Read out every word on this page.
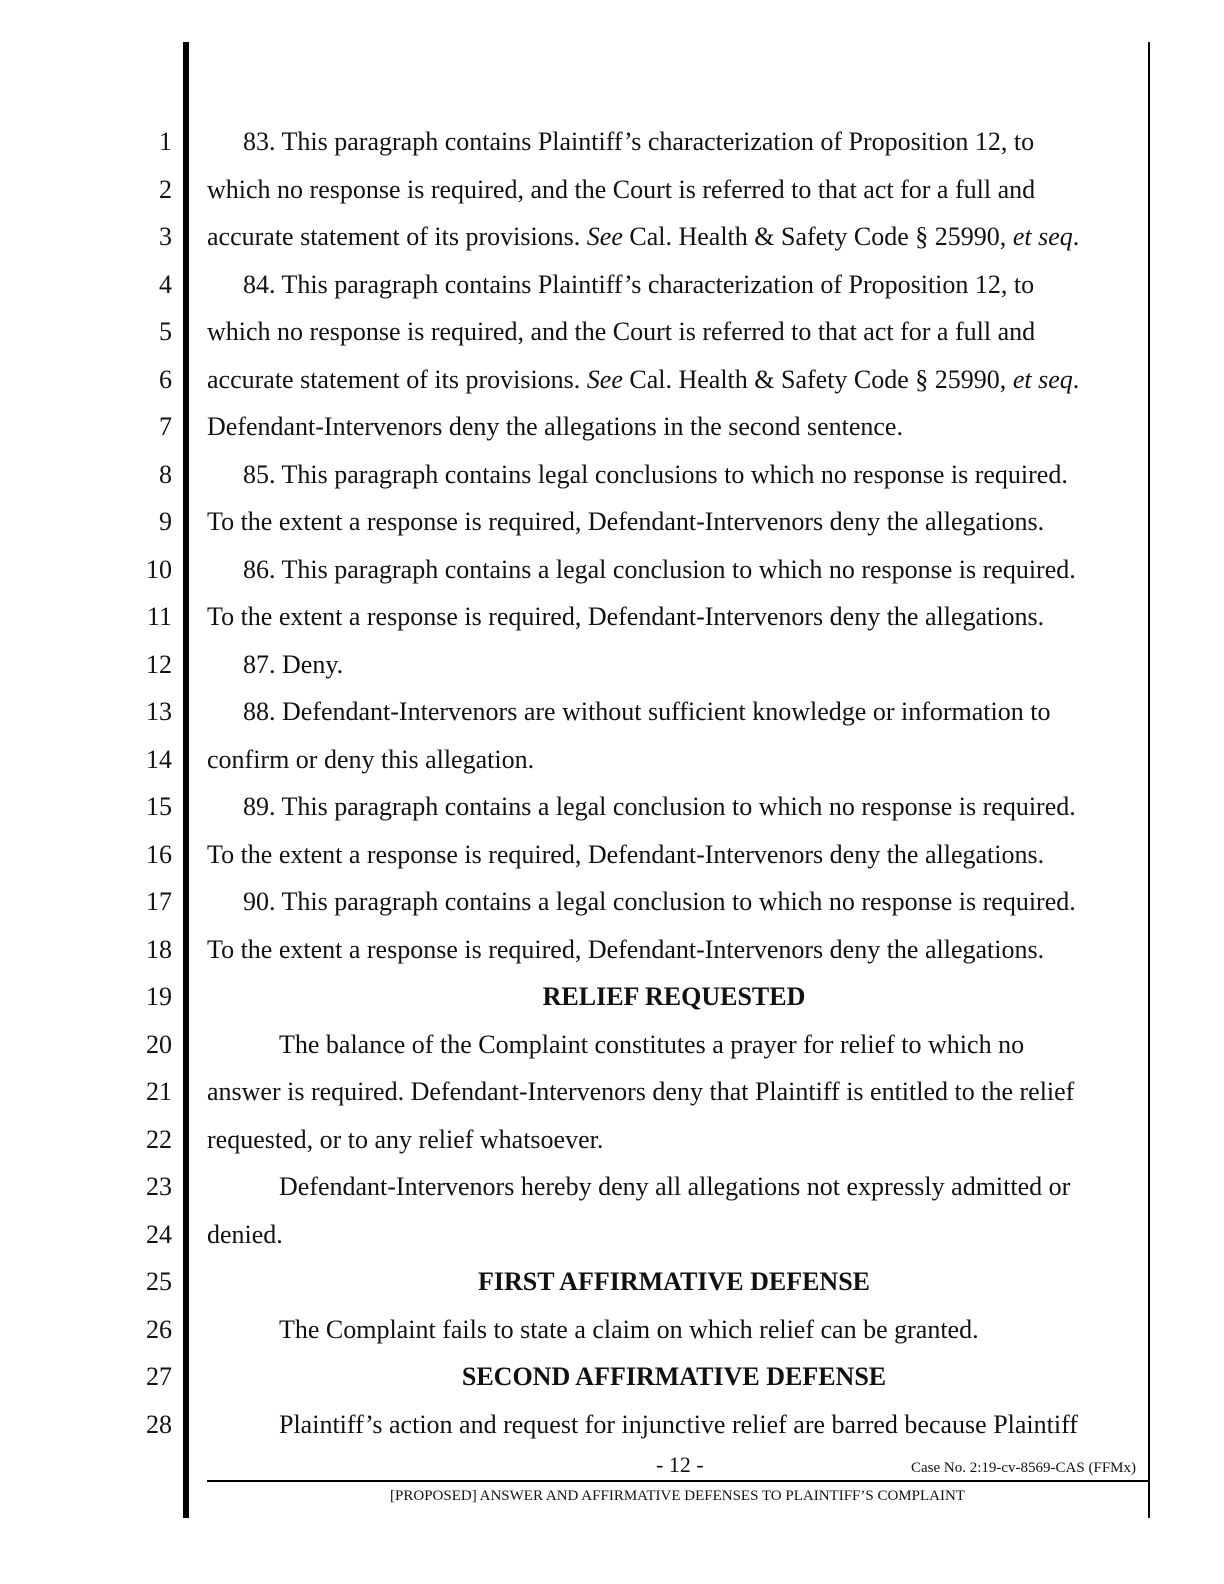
1
2
3
4
5
6
7
8
9
10
11
12
13
14
15
16
17
18
19
20
21
22
23
24
25
26
27
28
83. This paragraph contains Plaintiff’s characterization of Proposition 12, to
which no response is required, and the Court is referred to that act for a full and
accurate statement of its provisions. See Cal. Health & Safety Code § 25990, et seq.
84. This paragraph contains Plaintiff’s characterization of Proposition 12, to
which no response is required, and the Court is referred to that act for a full and
accurate statement of its provisions. See Cal. Health & Safety Code § 25990, et seq.
Defendant-Intervenors deny the allegations in the second sentence.
85. This paragraph contains legal conclusions to which no response is required.
To the extent a response is required, Defendant-Intervenors deny the allegations.
86. This paragraph contains a legal conclusion to which no response is required.
To the extent a response is required, Defendant-Intervenors deny the allegations.
87. Deny.
88. Defendant-Intervenors are without sufficient knowledge or information to
confirm or deny this allegation.
89. This paragraph contains a legal conclusion to which no response is required.
To the extent a response is required, Defendant-Intervenors deny the allegations.
90. This paragraph contains a legal conclusion to which no response is required.
To the extent a response is required, Defendant-Intervenors deny the allegations.
RELIEF REQUESTED
The balance of the Complaint constitutes a prayer for relief to which no
answer is required. Defendant-Intervenors deny that Plaintiff is entitled to the relief
requested, or to any relief whatsoever.
Defendant-Intervenors hereby deny all allegations not expressly admitted or
denied.
FIRST AFFIRMATIVE DEFENSE
The Complaint fails to state a claim on which relief can be granted.
SECOND AFFIRMATIVE DEFENSE
Plaintiff’s action and request for injunctive relief are barred because Plaintiff
- 12 -	Case No. 2:19-cv-8569-CAS (FFMx)
[PROPOSED] ANSWER AND AFFIRMATIVE DEFENSES TO PLAINTIFF’S COMPLAINT
